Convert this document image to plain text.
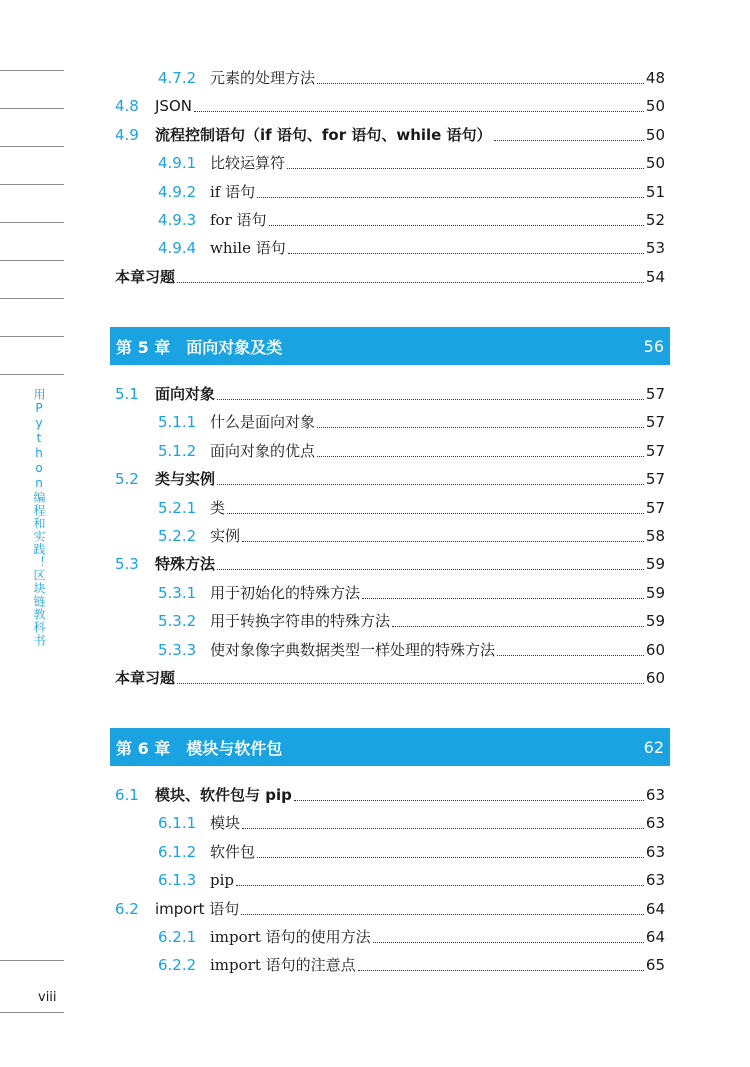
用Python编程和实践！区块链教科书
viii
4.7.2 元素的处理方法	48
4.8	JSON	50
4.9	流程控制语句（if 语句、for 语句、while 语句）	50
4.9.1 比较运算符	50
4.9.2 if 语句	51
4.9.3 for 语句	52
4.9.4 while 语句	53
本章习题	54
5.1	面向对象	57
5.1.1 什么是面向对象	57
5.1.2 面向对象的优点	57
5.2	类与实例	57
5.2.1 类	57
5.2.2 实例	58
5.3	特殊方法	59
5.3.1 用于初始化的特殊方法	59
5.3.2 用于转换字符串的特殊方法	59
5.3.3 使对象像字典数据类型一样处理的特殊方法	60
本章习题	60
6.1	模块、软件包与 pip	63
6.1.1 模块	63
6.1.2 软件包	63
6.1.3 pip	63
6.2	import 语句	64
6.2.1 import 语句的使用方法	64
6.2.2 import 语句的注意点	65
第 5 章 面向对象及类	56
第 6 章 模块与软件包	62
